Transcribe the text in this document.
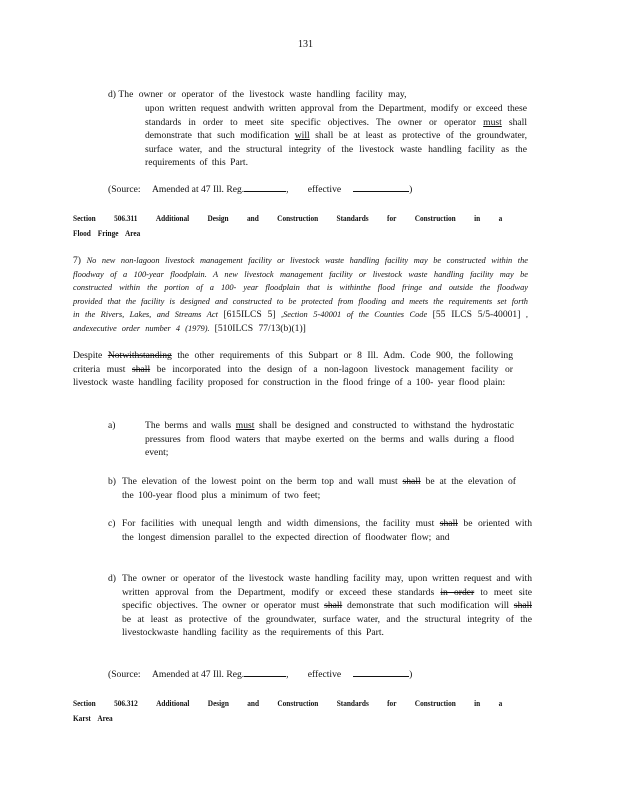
131
d) The owner or operator of the livestock waste handling facility may,

upon written request andwith written approval from the Department, modify or exceed these standards in order to meet site specific objectives. The owner or operator must shall demonstrate that such modification will shall be at least as protective of the groundwater, surface water, and the structural integrity of the livestock waste handling facility as the requirements of this Part.

(Source: Amended at 47 Ill. Reg.	, effective	)
Section 506.311 Additional Design and Construction Standards for Construction in a
Flood Fringe Area

7) No new non-lagoon livestock management facility or livestock waste handling facility may be constructed within the floodway of a 100-year floodplain. A new livestock management facility or livestock waste handling facility may be constructed within the portion of a 100- year floodplain that is withinthe flood fringe and outside the floodway provided that the facility is designed and constructed to be protected from flooding and meets the requirements set forth in the Rivers, Lakes, and Streams Act [615ILCS 5] ,Section 5-40001 of the Counties Code [55 ILCS 5/5-40001] , andexecutive order number 4 (1979). [510ILCS 77/13(b)(1)]

Despite Notwithstanding the other requirements of this Subpart or 8 Ill. Adm. Code 900, the following criteria must shall be incorporated into the design of a non-lagoon livestock management facility or livestock waste handling facility proposed for construction in the flood fringe of a 100- year flood plain:

a)	The berms and walls must shall be designed and constructed to withstand the hydrostatic pressures from flood waters that maybe exerted on the berms and walls during a flood event;

b) The elevation of the lowest point on the berm top and wall must shall be at the elevation of the 100-year flood plus a minimum of two feet;

c) For facilities with unequal length and width dimensions, the facility must shall be oriented with the longest dimension parallel to the expected direction of floodwater flow; and

d) The owner or operator of the livestock waste handling facility may, upon written request and with written approval from the Department, modify or exceed these standards in order to meet site specific objectives. The owner or operator must shall demonstrate that such modification will shall be at least as protective of the groundwater, surface water, and the structural integrity of the livestockwaste handling facility as the requirements of this Part.

(Source: Amended at 47 Ill. Reg.	, effective	)
Section 506.312 Additional Design and Construction Standards for Construction in a
Karst Area
